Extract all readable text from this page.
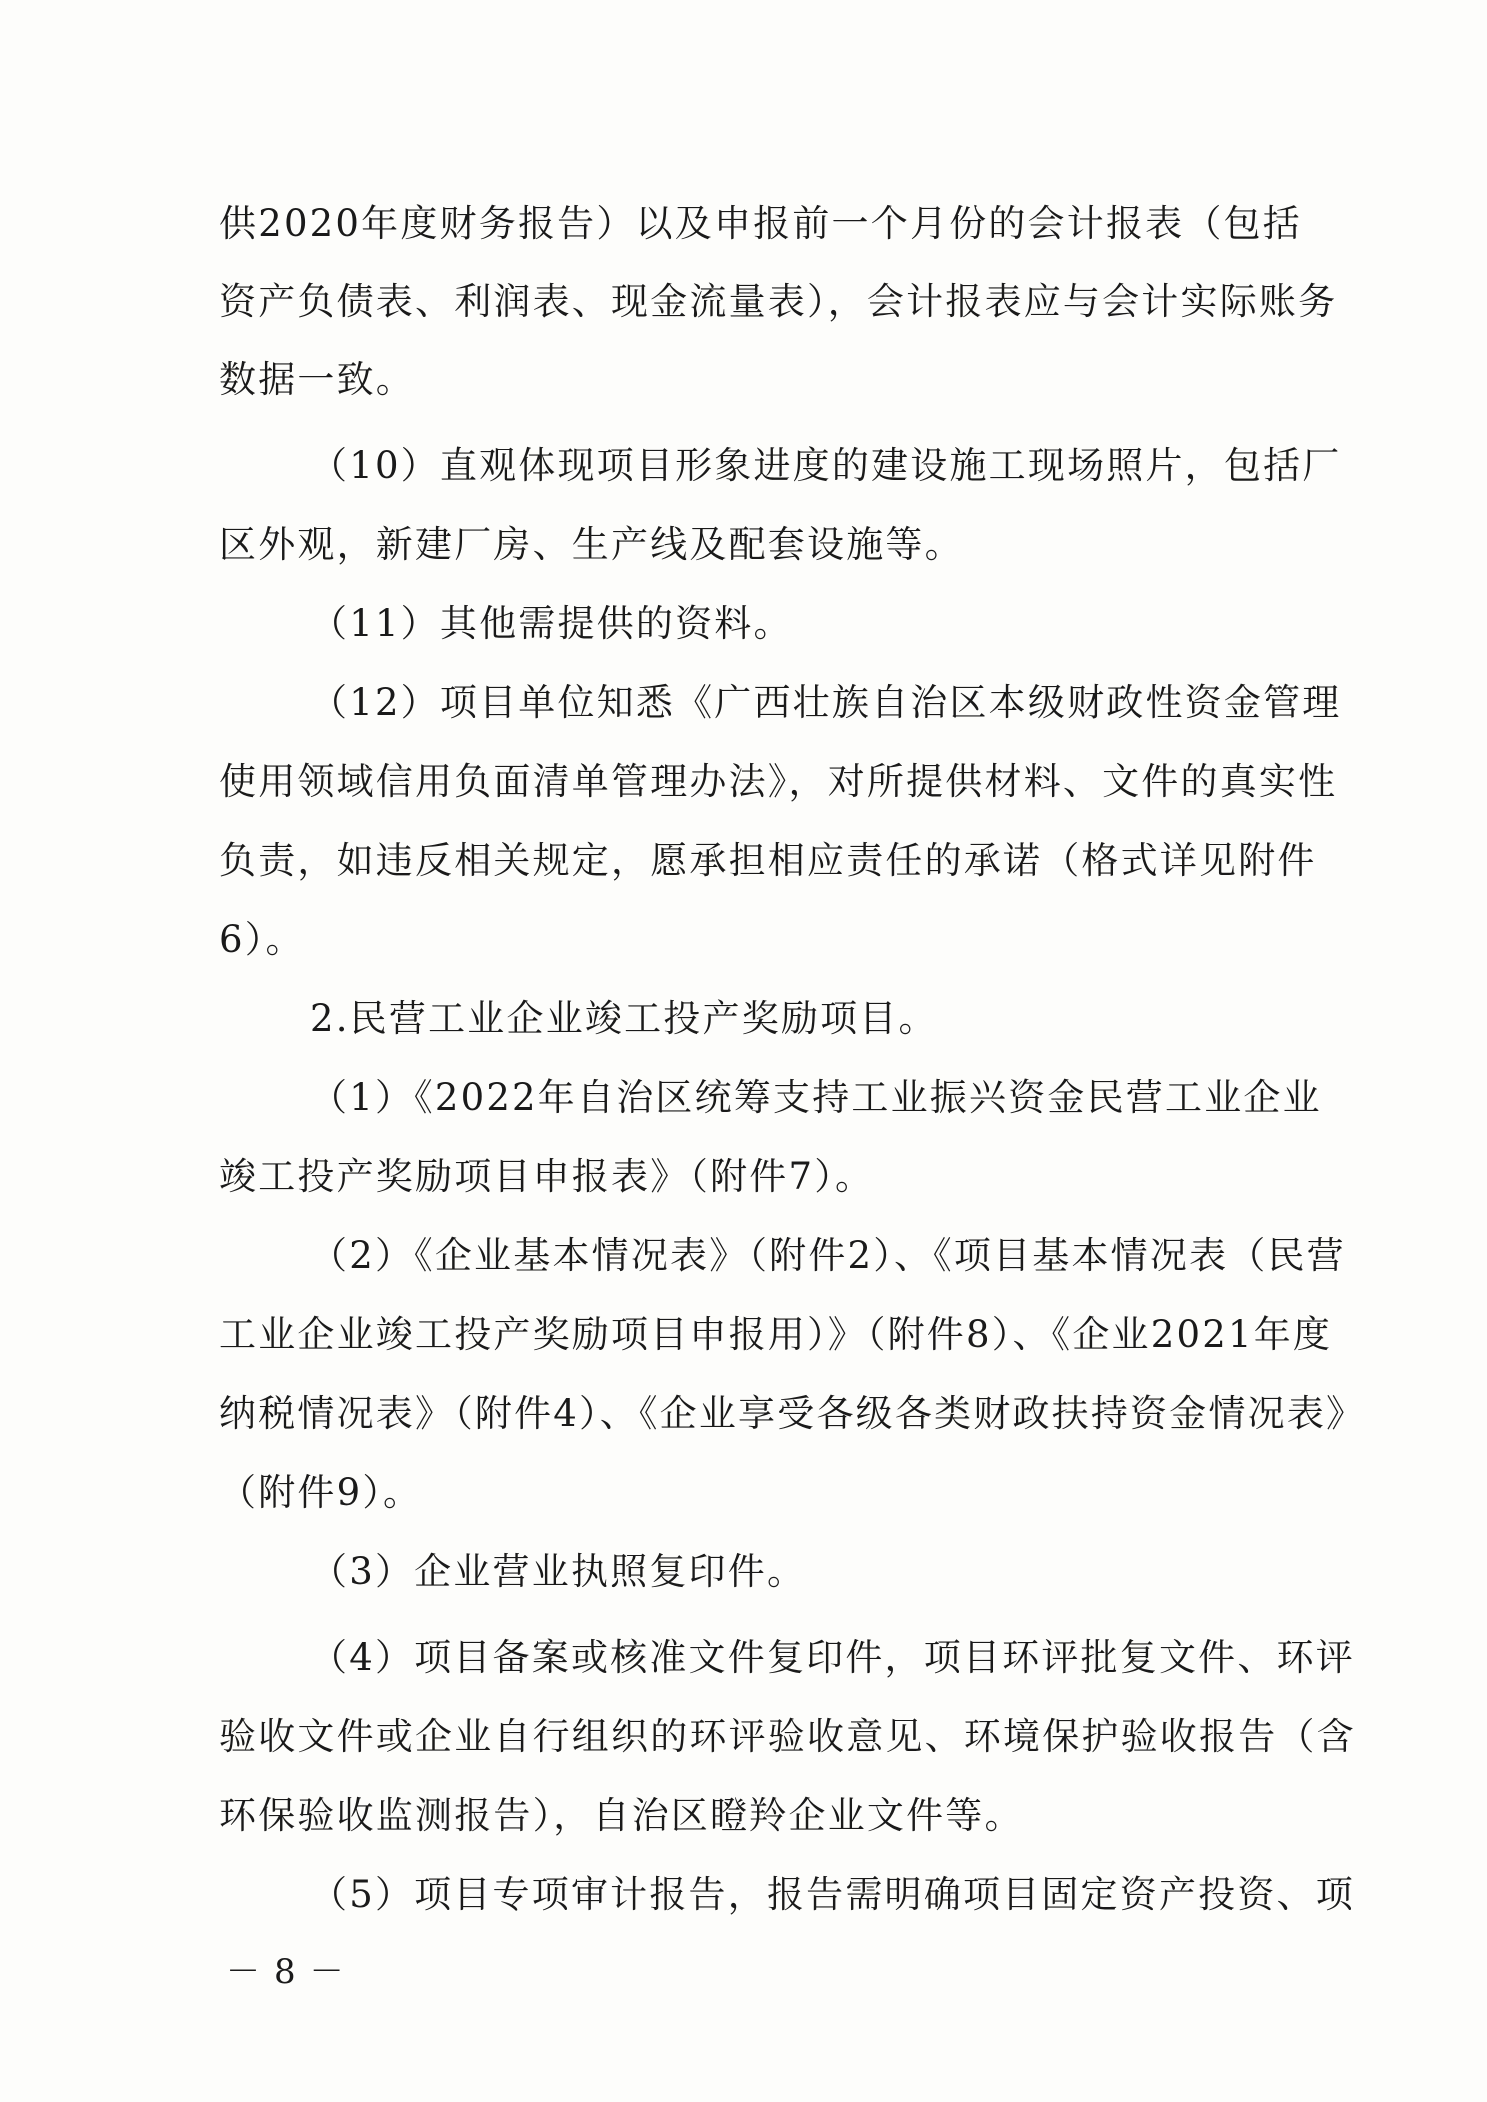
供2020年度财务报告）以及申报前一个月份的会计报表（包括
资产负债表、利润表、现金流量表），会计报表应与会计实际账务
数据一致。
（10）直观体现项目形象进度的建设施工现场照片，包括厂
区外观，新建厂房、生产线及配套设施等。
（11）其他需提供的资料。
（12）项目单位知悉《广西壮族自治区本级财政性资金管理
使用领域信用负面清单管理办法》，对所提供材料、文件的真实性
负责，如违反相关规定，愿承担相应责任的承诺（格式详见附件
6）。
2.民营工业企业竣工投产奖励项目。
（1）《2022年自治区统筹支持工业振兴资金民营工业企业
竣工投产奖励项目申报表》（附件7）。
（2）《企业基本情况表》（附件2）、《项目基本情况表（民营
工业企业竣工投产奖励项目申报用）》（附件8）、《企业2021年度
纳税情况表》（附件4）、《企业享受各级各类财政扶持资金情况表》
（附件9）。
（3）企业营业执照复印件。
（4）项目备案或核准文件复印件，项目环评批复文件、环评
验收文件或企业自行组织的环评验收意见、环境保护验收报告（含
环保验收监测报告），自治区瞪羚企业文件等。
（5）项目专项审计报告，报告需明确项目固定资产投资、项
－8－
